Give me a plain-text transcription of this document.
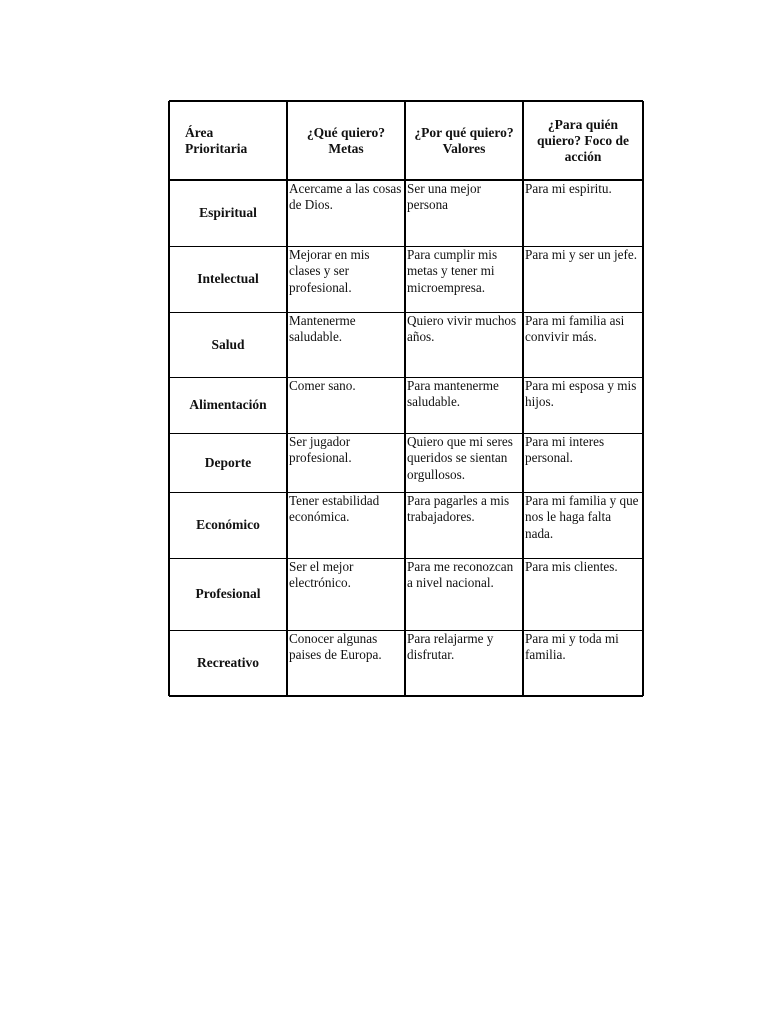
Área
Prioritaria
¿Qué quiero?
Metas
¿Por qué quiero?
Valores
¿Para quién
quiero? Foco de
acción
Espiritual
Acercame a las cosas de Dios.
Ser una mejor persona
Para mi espiritu.
Intelectual
Mejorar en mis clases y ser profesional.
Para cumplir mis metas y tener mi microempresa.
Para mi y ser un jefe.
Salud
Mantenerme saludable.
Quiero vivir muchos años.
Para mi familia asi convivir más.
Alimentación
Comer sano.	Para mantenerme saludable.
Para mi esposa y mis hijos.
Deporte
Ser jugador profesional.
Quiero que mi seres queridos se sientan orgullosos.
Para mi interes personal.
Económico
Tener estabilidad económica.
Para pagarles a mis trabajadores.
Para mi familia y que nos le haga falta nada.
Profesional
Ser el mejor electrónico.
Para me reconozcan a nivel nacional.
Para mis clientes.
Recreativo
Conocer algunas paises de Europa.
Para relajarme y disfrutar.
Para mi y toda mi familia.
